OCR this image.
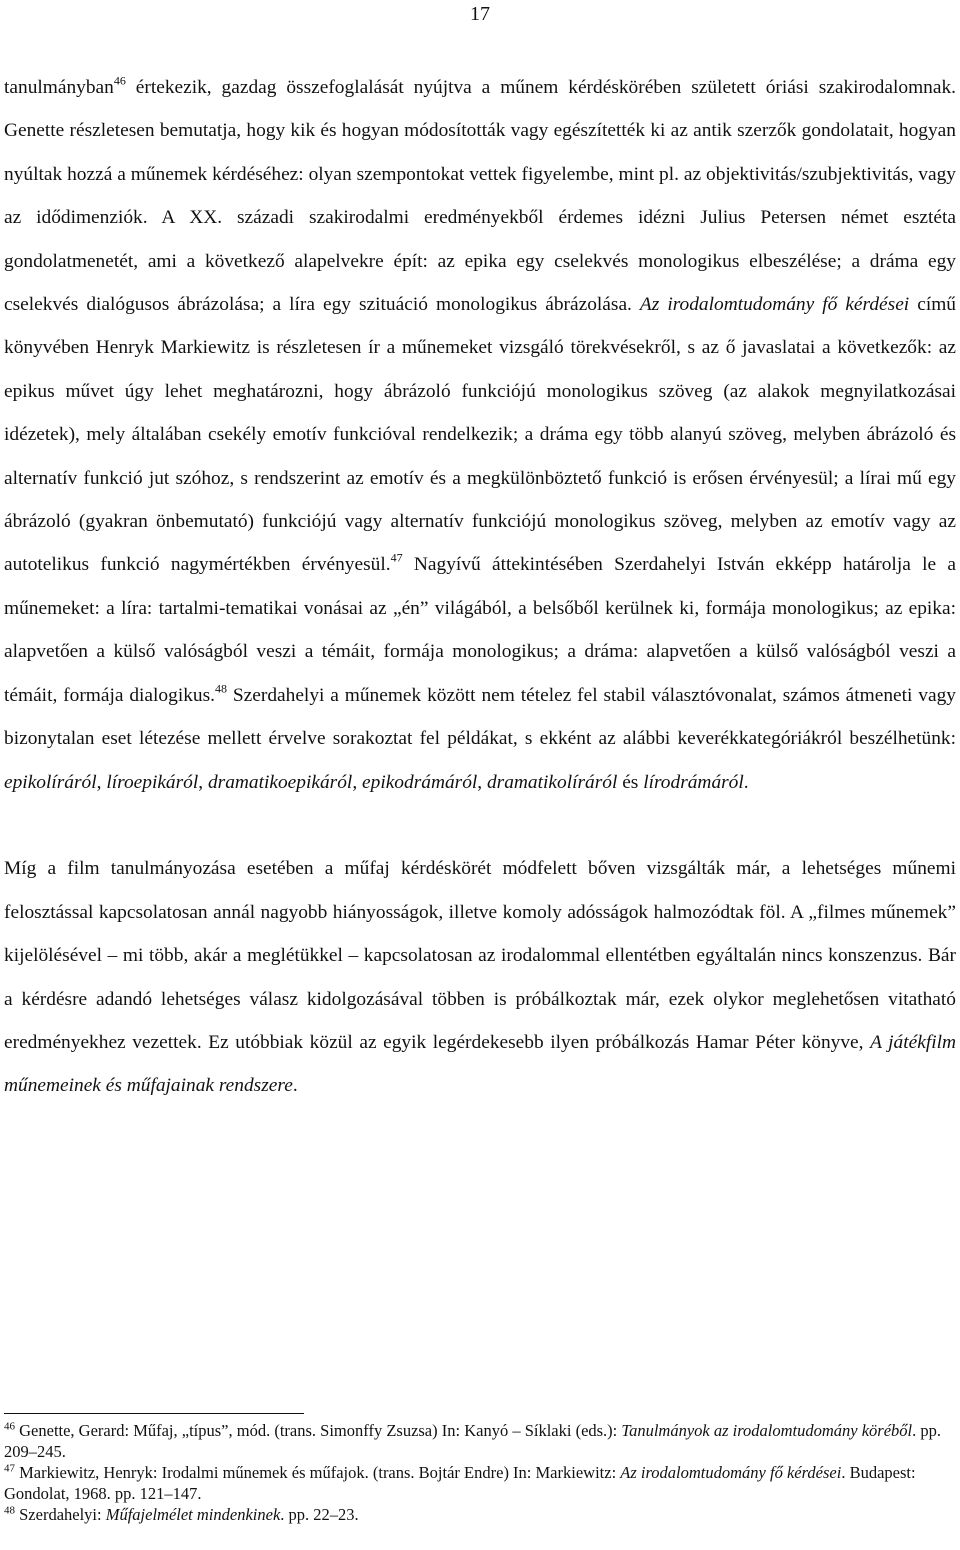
17

tanulmányban$^{46}$ értekezik, gazdag összefoglalását nyújtva a műnem kérdéskörében született óriási szakirodalomnak. Genette részletesen bemutatja, hogy kik és hogyan módosították vagy egészítették ki az antik szerzők gondolatait, hogyan nyúltak hozzá a műnemek kérdéséhez: olyan szempontokat vettek figyelembe, mint pl. az objektivitás/szubjektivitás, vagy az idődimenziók. A XX. századi szakirodalmi eredményekből érdemes idézni Julius Petersen német esztéta gondolatmenetét, ami a következő alapelvekre épít: az epika egy cselekvés monologikus elbeszélése; a dráma egy cselekvés dialógusos ábrázolása; a líra egy szituáció monologikus ábrázolása. Az irodalomtudomány fő kérdései című könyvében Henryk Markiewitz is részletesen ír a műnemeket vizsgáló törekvésekről, s az ő javaslatai a következők: az epikus művet úgy lehet meghatározni, hogy ábrázoló funkciójú monologikus szöveg (az alakok megnyilatkozásai idézetek), mely általában csekély emotív funkcióval rendelkezik; a dráma egy több alanyú szöveg, melyben ábrázoló és alternatív funkció jut szóhoz, s rendszerint az emotív és a megkülönböztető funkció is erősen érvényesül; a lírai mű egy ábrázoló (gyakran önbemutató) funkciójú vagy alternatív funkciójú monologikus szöveg, melyben az emotív vagy az autotelikus funkció nagymértékben érvényesül.$^{47}$ Nagyívű áttekintésében Szerdahelyi István ekképp határolja le a műnemeket: a líra: tartalmi-tematikai vonásai az „én” világából, a belsőből kerülnek ki, formája monologikus; az epika: alapvetően a külső valóságból veszi a témáit, formája monologikus; a dráma: alapvetően a külső valóságból veszi a témáit, formája dialogikus.$^{48}$ Szerdahelyi a műnemek között nem tételez fel stabil választóvonalat, számos átmeneti vagy bizonytalan eset létezése mellett érvelve sorakoztat fel példákat, s ekként az alábbi keverékkategóriákról beszélhetünk: epikolíráról, líroepikáról, dramatikoepikáról, epikodrámáról, dramatikolíráról és lírodrámáról.

Míg a film tanulmányozása esetében a műfaj kérdéskörét módfelett bőven vizsgálták már, a lehetséges műnemi felosztással kapcsolatosan annál nagyobb hiányosságok, illetve komoly adósságok halmozódtak föl. A „filmes műnemek” kijelölésével – mi több, akár a meglétükkel – kapcsolatosan az irodalommal ellentétben egyáltalán nincs konszenzus. Bár a kérdésre adandó lehetséges válasz kidolgozásával többen is próbálkoztak már, ezek olykor meglehetősen vitatható eredményekhez vezettek. Ez utóbbiak közül az egyik legérdekesebb ilyen próbálkozás Hamar Péter könyve, A játékfilm műnemeinek és műfajainak rendszere.

$^{46}$ Genette, Gerard: Műfaj, „típus”, mód. (trans. Simonffy Zsuzsa) In: Kanyó – Síklaki (eds.): Tanulmányok az irodalomtudomány köréből. pp. 209–245.

$^{47}$ Markiewitz, Henryk: Irodalmi műnemek és műfajok. (trans. Bojtár Endre) In: Markiewitz: Az irodalomtudomány fő kérdései. Budapest: Gondolat, 1968. pp. 121–147.

$^{48}$ Szerdahelyi: Műfajelmélet mindenkinek. pp. 22–23.
